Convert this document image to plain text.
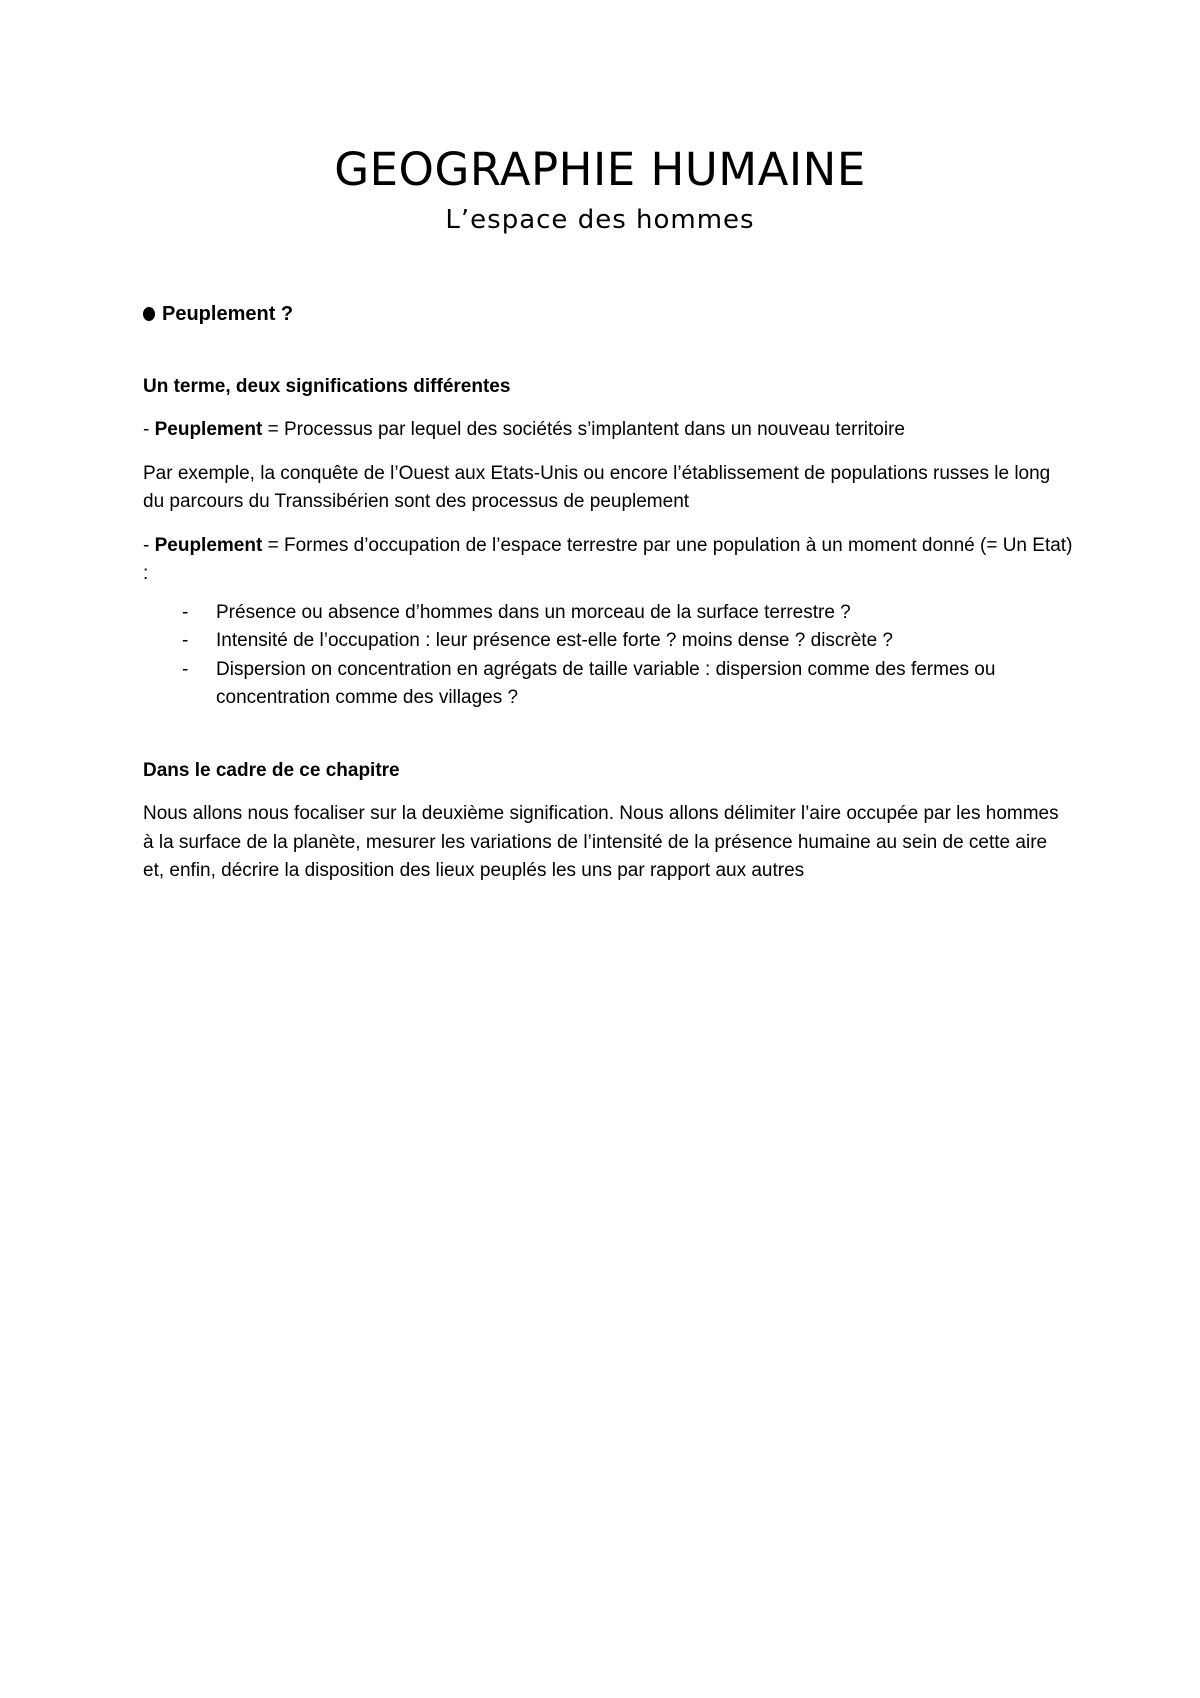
GEOGRAPHIE HUMAINE
L’espace des hommes
Peuplement ?
Un terme, deux significations différentes

- Peuplement = Processus par lequel des sociétés s’implantent dans un nouveau territoire

Par exemple, la conquête de l’Ouest aux Etats-Unis ou encore l’établissement de populations russes le long du parcours du Transsibérien sont des processus de peuplement

- Peuplement = Formes d’occupation de l’espace terrestre par une population à un moment donné (= Un Etat) :

- Présence ou absence d’hommes dans un morceau de la surface terrestre ?
- Intensité de l’occupation : leur présence est-elle forte ? moins dense ? discrète ?
- Dispersion on concentration en agrégats de taille variable : dispersion comme des fermes ou concentration comme des villages ?
Dans le cadre de ce chapitre

Nous allons nous focaliser sur la deuxième signification. Nous allons délimiter l’aire occupée par les hommes à la surface de la planète, mesurer les variations de l’intensité de la présence humaine au sein de cette aire et, enfin, décrire la disposition des lieux peuplés les uns par rapport aux autres
